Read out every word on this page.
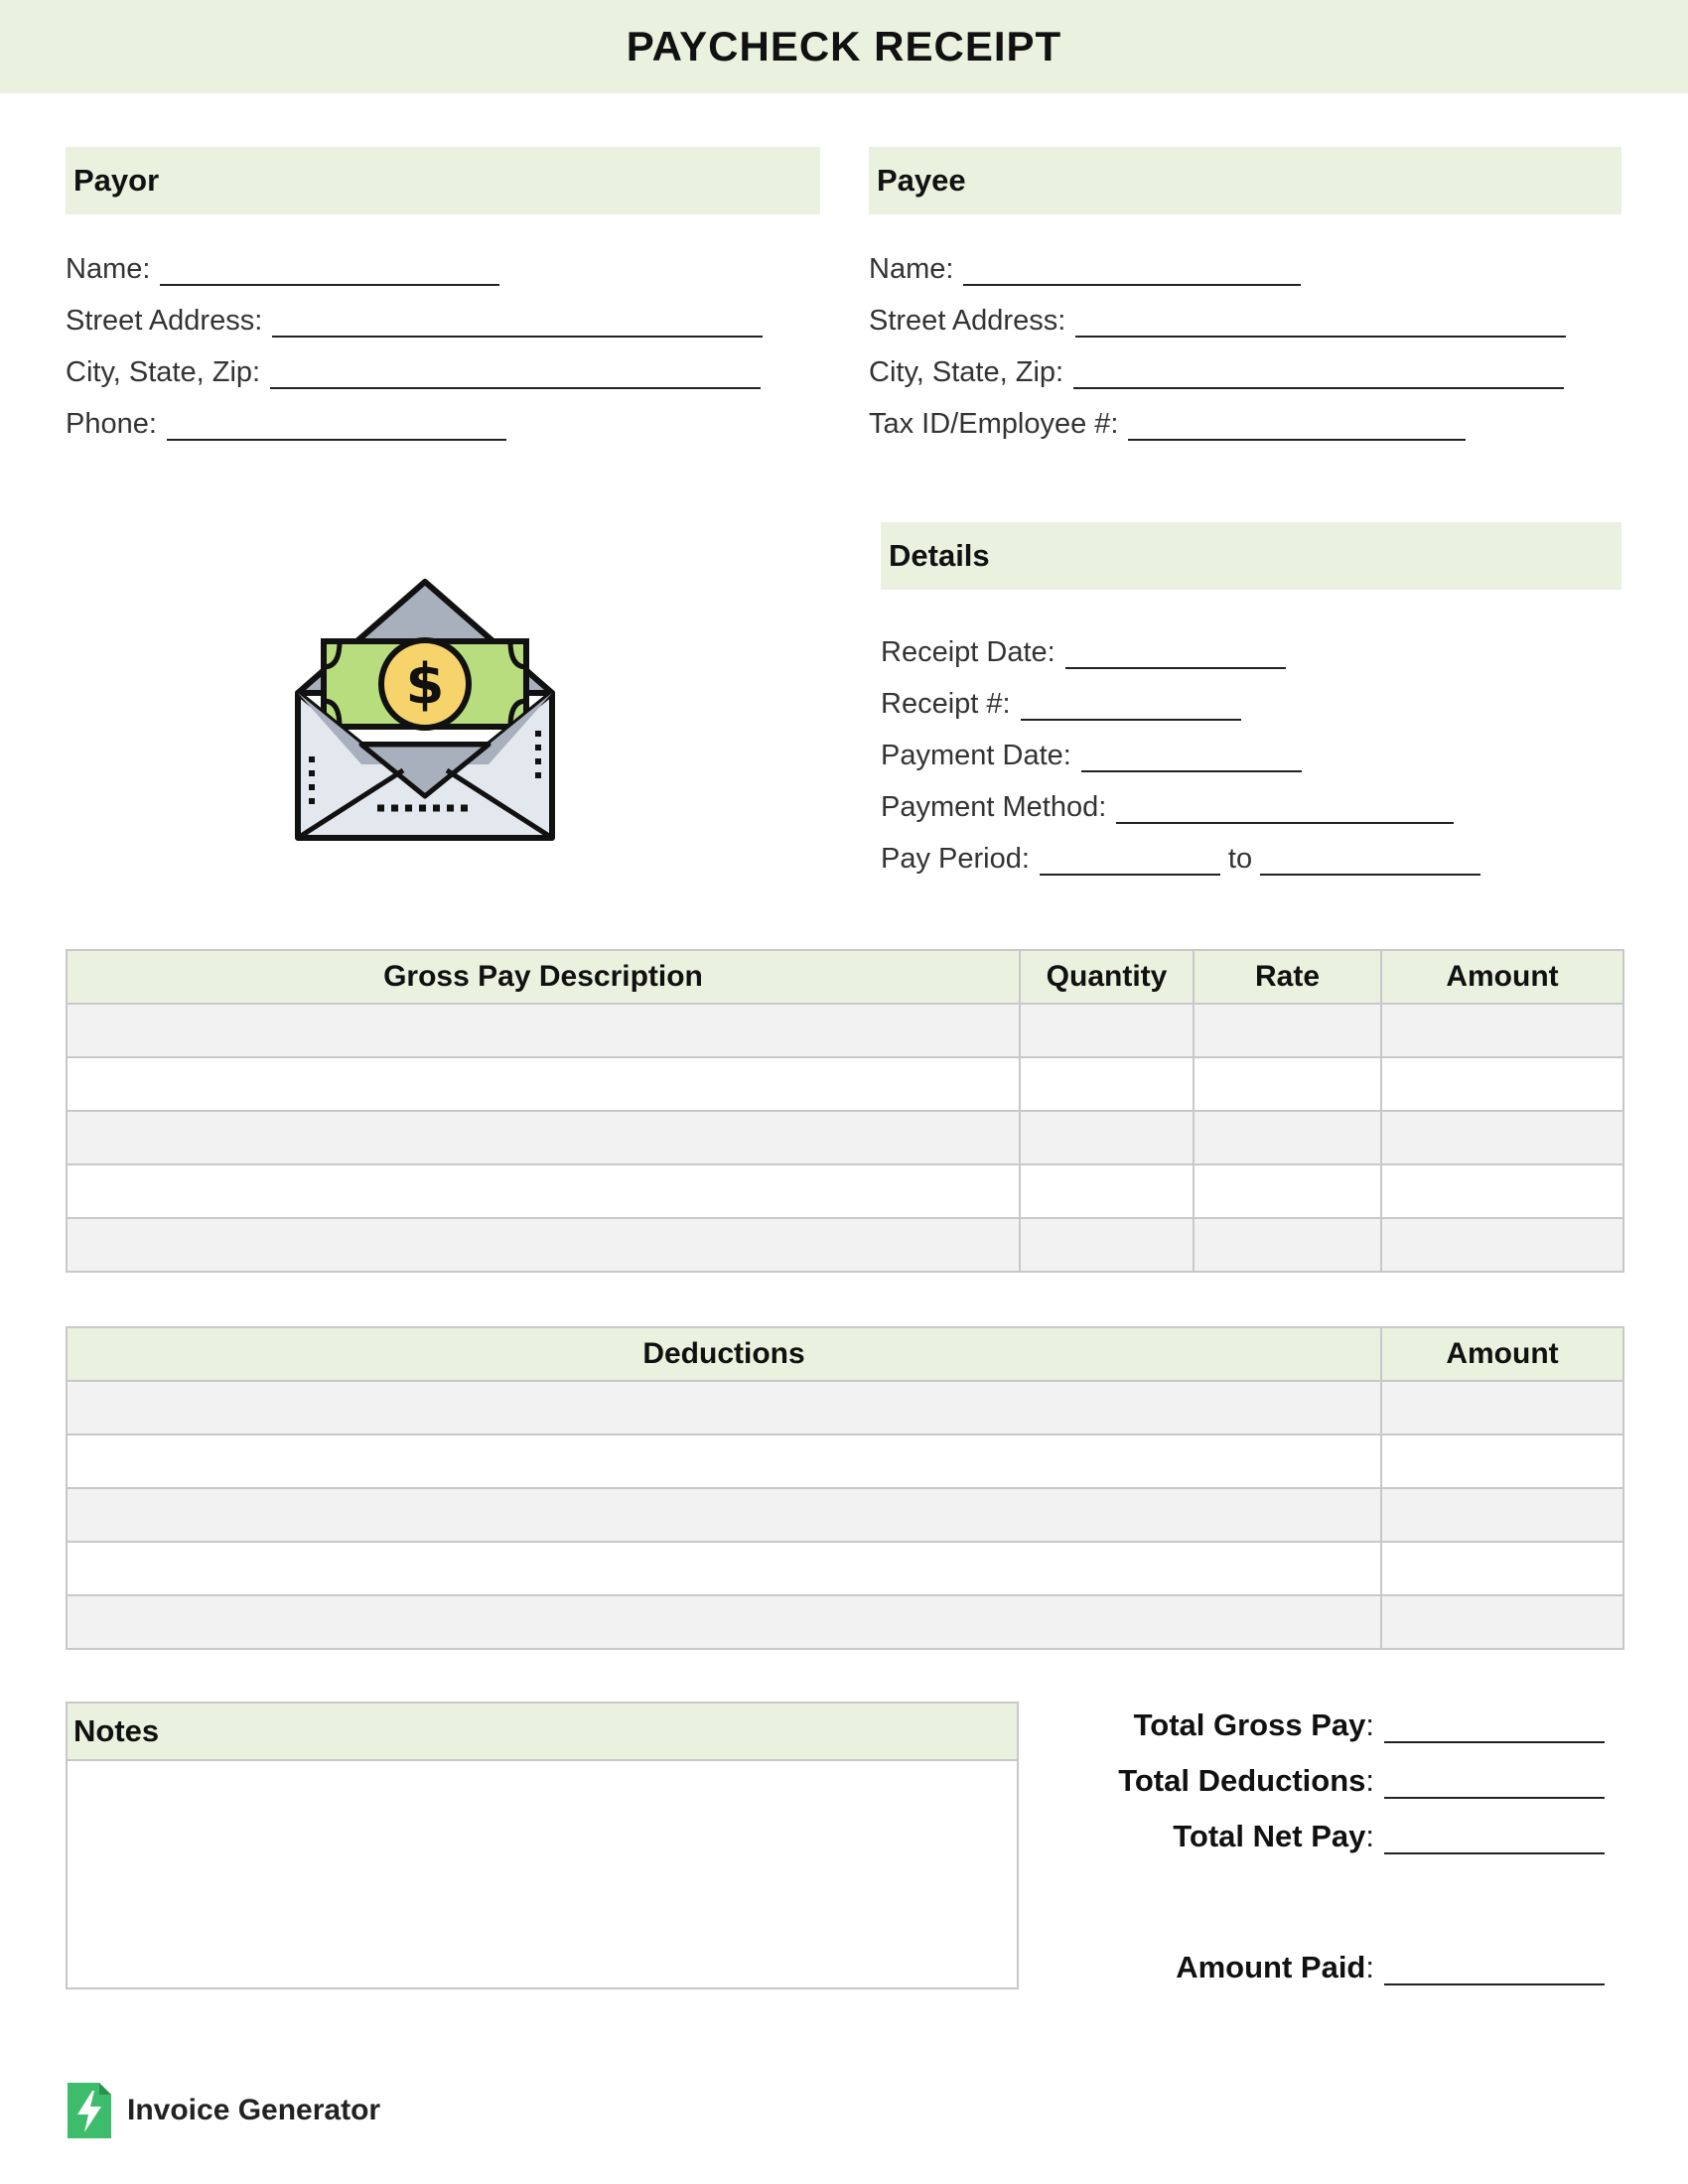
PAYCHECK RECEIPT
Payor
Name:
Street Address:
City, State, Zip:
Phone:
Payee
Name:
Street Address:
City, State, Zip:
Tax ID/Employee #:
$
Details
Receipt Date:
Receipt #:
Payment Date:
Payment Method:
Pay Period:	to
Gross Pay Description	Quantity	Rate	Amount

Deductions	Amount

Notes	Total Gross Pay :
Total Deductions :
Total Net Pay :
Amount Paid :
Invoice Generator
